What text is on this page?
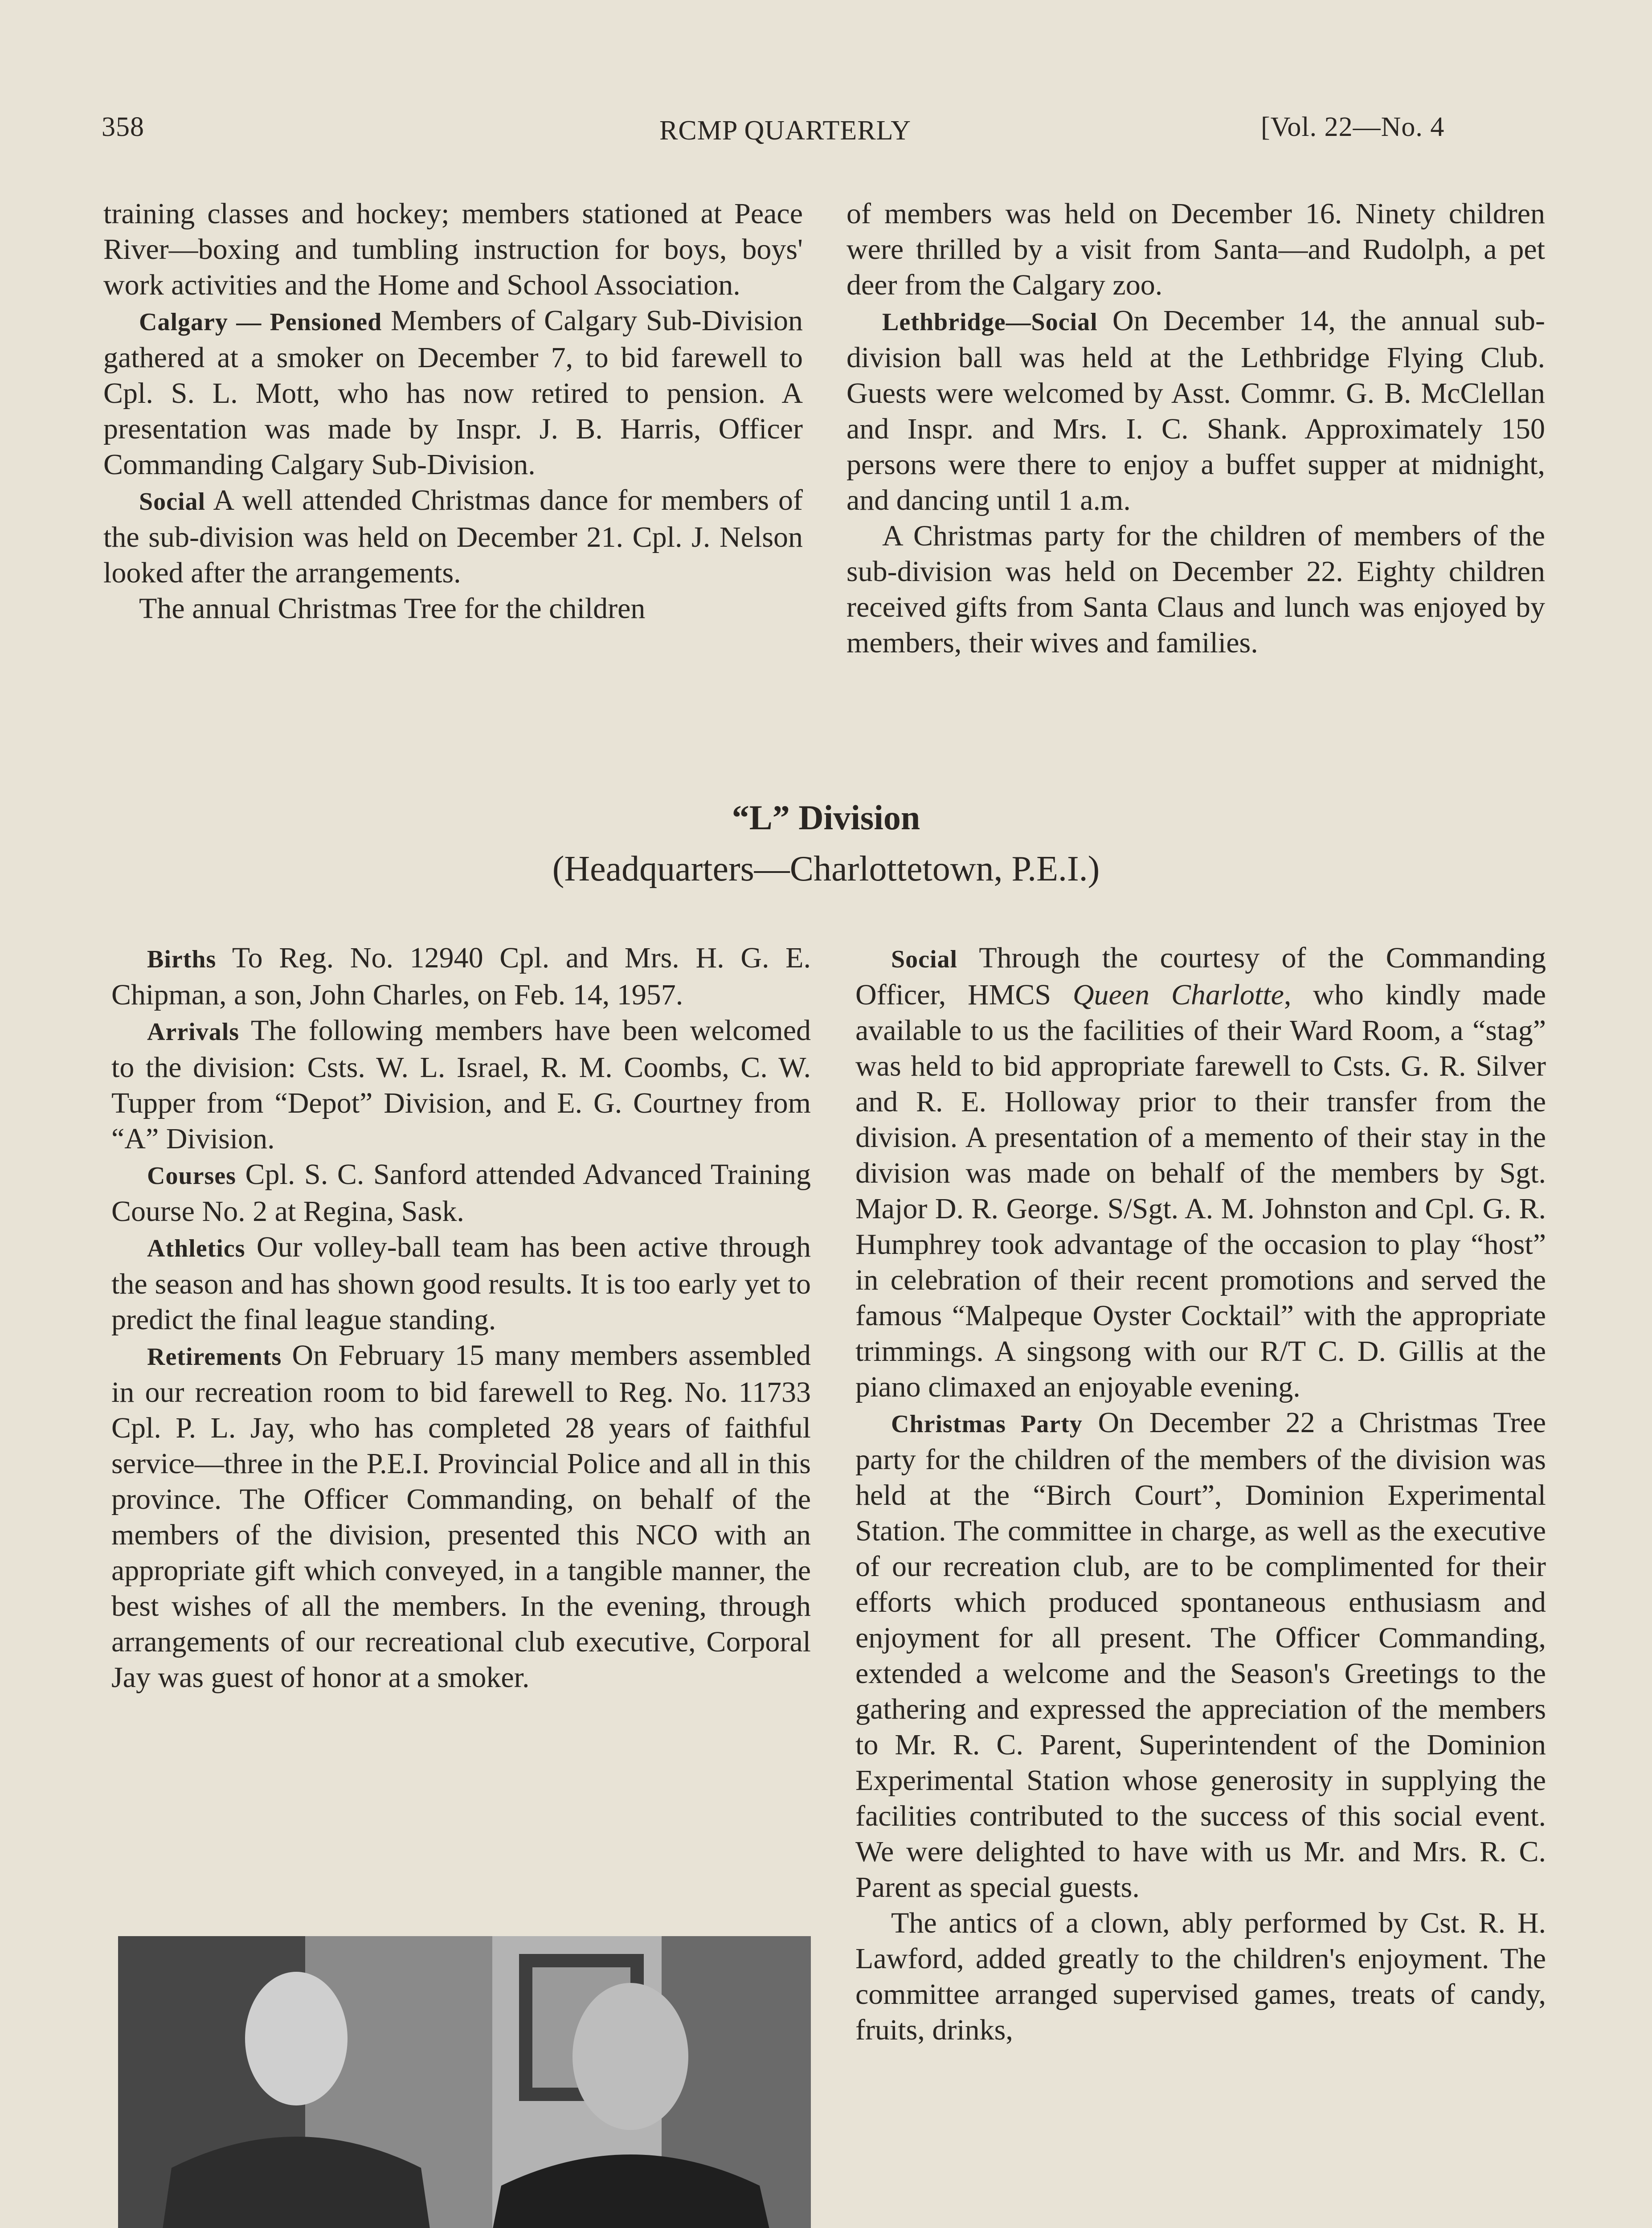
358	RCMP QUARTERLY	[Vol. 22—No. 4

training classes and hockey; members stationed at Peace River—boxing and tumbling instruction for boys, boys' work activities and the Home and School Association.

Calgary — Pensioned Members of Calgary Sub-Division gathered at a smoker on December 7, to bid farewell to Cpl. S. L. Mott, who has now retired to pension. A presentation was made by Inspr. J. B. Harris, Officer Commanding Calgary Sub-Division.

Social A well attended Christmas dance for members of the sub-division was held on December 21. Cpl. J. Nelson looked after the arrangements.

The annual Christmas Tree for the children

of members was held on December 16. Ninety children were thrilled by a visit from Santa—and Rudolph, a pet deer from the Calgary zoo.

Lethbridge—Social On December 14, the annual sub-division ball was held at the Lethbridge Flying Club. Guests were welcomed by Asst. Commr. G. B. McClellan and Inspr. and Mrs. I. C. Shank. Approximately 150 persons were there to enjoy a buffet supper at midnight, and dancing until 1 a.m.

A Christmas party for the children of members of the sub-division was held on December 22. Eighty children received gifts from Santa Claus and lunch was enjoyed by members, their wives and families.

“L” Division
(Headquarters—Charlottetown, P.E.I.)

Births To Reg. No. 12940 Cpl. and Mrs. H. G. E. Chipman, a son, John Charles, on Feb. 14, 1957.

Arrivals The following members have been welcomed to the division: Csts. W. L. Israel, R. M. Coombs, C. W. Tupper from “Depot” Division, and E. G. Courtney from “A” Division.

Courses Cpl. S. C. Sanford attended Advanced Training Course No. 2 at Regina, Sask.

Athletics Our volley-ball team has been active through the season and has shown good results. It is too early yet to predict the final league standing.

Retirements On February 15 many members assembled in our recreation room to bid farewell to Reg. No. 11733 Cpl. P. L. Jay, who has completed 28 years of faithful service—three in the P.E.I. Provincial Police and all in this province. The Officer Commanding, on behalf of the members of the division, presented this NCO with an appropriate gift which conveyed, in a tangible manner, the best wishes of all the members. In the evening, through arrangements of our recreational club executive, Corporal Jay was guest of honor at a smoker.

Social Through the courtesy of the Commanding Officer, HMCS Queen Charlotte, who kindly made available to us the facilities of their Ward Room, a “stag” was held to bid appropriate farewell to Csts. G. R. Silver and R. E. Holloway prior to their transfer from the division. A presentation of a memento of their stay in the division was made on behalf of the members by Sgt. Major D. R. George. S/Sgt. A. M. Johnston and Cpl. G. R. Humphrey took advantage of the occasion to play “host” in celebration of their recent promotions and served the famous “Malpeque Oyster Cocktail” with the appropriate trimmings. A singsong with our R/T C. D. Gillis at the piano climaxed an enjoyable evening.

Christmas Party On December 22 a Christmas Tree party for the children of the members of the division was held at the “Birch Court”, Dominion Experimental Station. The committee in charge, as well as the executive of our recreation club, are to be complimented for their efforts which produced spontaneous enthusiasm and enjoyment for all present. The Officer Commanding, extended a welcome and the Season's Greetings to the gathering and expressed the appreciation of the members to Mr. R. C. Parent, Superintendent of the Dominion Experimental Station whose generosity in supplying the facilities contributed to the success of this social event. We were delighted to have with us Mr. and Mrs. R. C. Parent as special guests.

The antics of a clown, ably performed by Cst. R. H. Lawford, added greatly to the children's enjoyment. The committee arranged supervised games, treats of candy, fruits, drinks,
